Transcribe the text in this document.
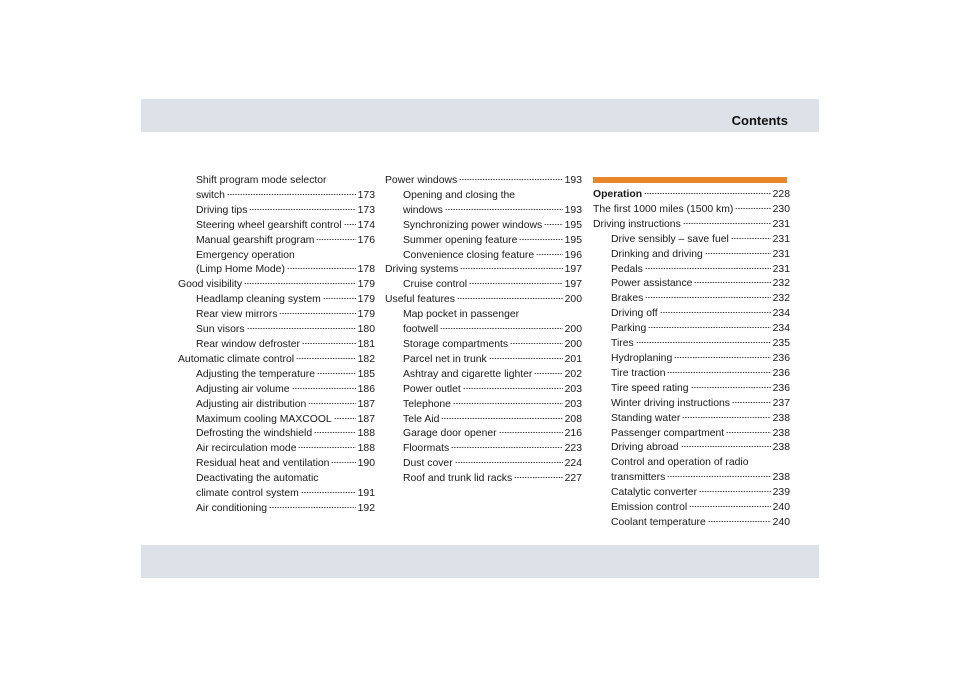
Contents
Shift program mode selector
switch	173
Driving tips	173
Steering wheel gearshift control 174
Manual gearshift program	176
Emergency operation
(Limp Home Mode)	178
Good visibility	179
Headlamp cleaning system	179
Rear view mirrors	179
Sun visors	180
Rear window defroster	181
Automatic climate control	182
Adjusting the temperature	185
Adjusting air volume	186
Adjusting air distribution	187
Maximum cooling MAXCOOL 187
Defrosting the windshield	188
Air recirculation mode	188
Residual heat and ventilation	190
Deactivating the automatic
climate control system	191
Air conditioning	192
Power windows	193
Opening and closing the
windows	193
Synchronizing power windows 195
Summer opening feature	195
Convenience closing feature	196
Driving systems	197
Cruise control	197
Useful features	200
Map pocket in passenger
footwell	200
Storage compartments	200
Parcel net in trunk	201
Ashtray and cigarette lighter	202
Power outlet	203
Telephone	203
Tele Aid	208
Garage door opener	216
Floormats	223
Dust cover	224
Roof and trunk lid racks	227
Operation	228
The first 1000 miles (1500 km)	230
Driving instructions	231
Drive sensibly – save fuel	231
Drinking and driving	231
Pedals	231
Power assistance	232
Brakes	232
Driving off	234
Parking	234
Tires	235
Hydroplaning	236
Tire traction	236
Tire speed rating	236
Winter driving instructions	237
Standing water	238
Passenger compartment	238
Driving abroad	238
Control and operation of radio
transmitters	238
Catalytic converter	239
Emission control	240
Coolant temperature	240
